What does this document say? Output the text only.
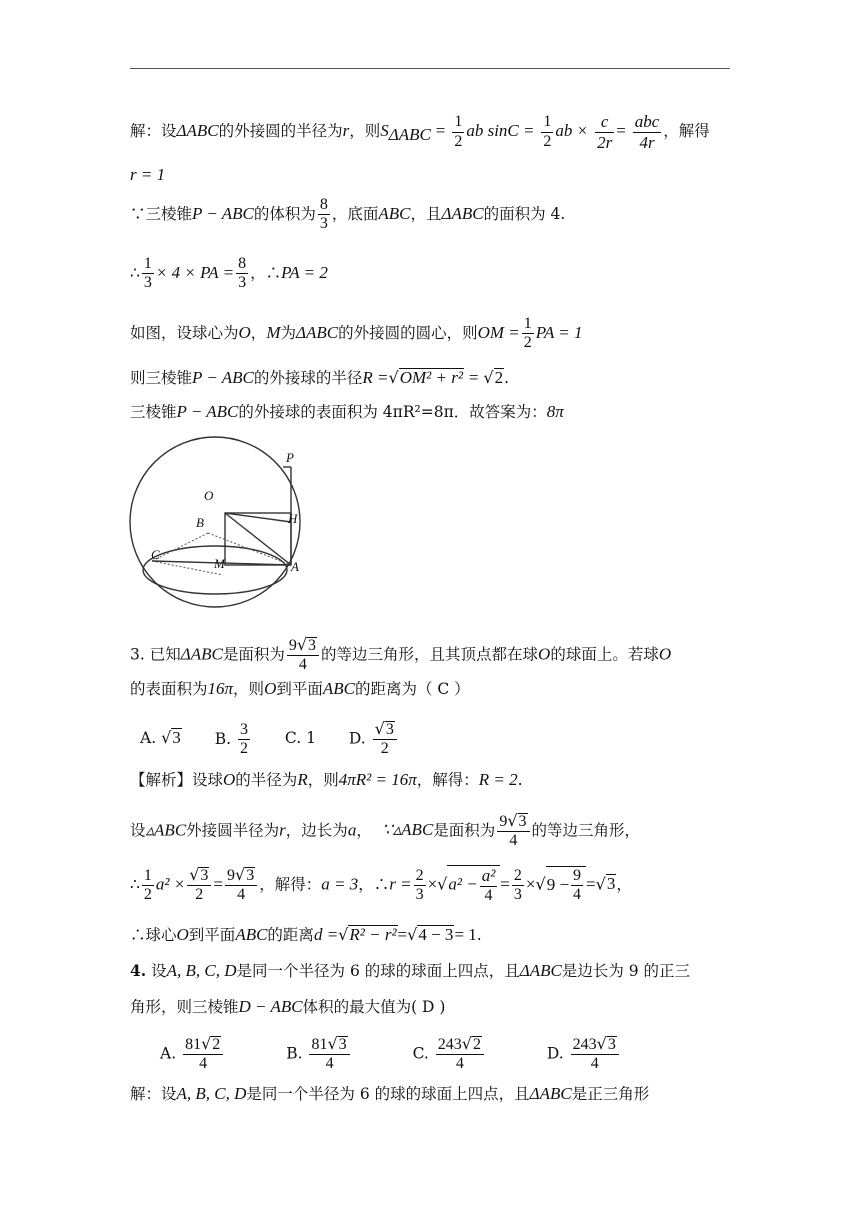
解：设ΔABC的外接圆的半径为r，则$S_{\Delta ABC} = \frac{1}{2}$ ab $\sin C = \frac{1}{2}$ ab × $\frac{c}{2r} = \frac{\text{abc}}{4r}$ ，解得
r = 1
∵三棱锥P − ABC的体积为 $\frac{8}{3}$ ，底面ABC，且ΔABC的面积为 4.
∴ $\frac{1}{3} \times 4$ × PA = $\frac{8}{3}$ ，∴PA = 2
如图，设球心为O，M为ΔABC的外接圆的圆心，则OM = $\frac{1}{2}$ PA = 1
则三棱锥P − ABC的外接球的半径R =√OM² + r² = √2.
三棱锥P − ABC的外接球的表面积为 4πR²=8π．故答案为：8π
P
O
H
B
C
M	A
3. 已知ΔABC是面积为 $\frac{9√3}{4}$ 的等边三角形，且其顶点都在球O的球面上。若球O
的表面积为16π，则O到平面ABC的距离为（ C ）
A. √3 B. $\frac{3}{2} C$. 1 D. $\frac{√3}{2}$
【解析】设球O的半径为R，则4πR² = 16π，解得：R = 2.
设▵ABC外接圆半径为r，边长为a， ∵▵ABC是面积为 $\frac{9√3}{4}$ 的等边三角形，
∴ $\frac{1}{2} a^2 \times \frac{√3}{2} = \frac{9√3}{4}$ ，解得：a = 3，∴r = $\frac{2}{3} \times√a^2 - \frac{\text{a²}}{4} = \frac{2}{3} \times√9 - \frac{9}{4} =√3$，
∴球心O到平面ABC的距离d =√R² − r²=√4 − 3= 1.
4. 设A, B, C, D是同一个半径为 6 的球的球面上四点，且ΔABC是边长为 9 的正三
角形，则三棱锥D − ABC体积的最大值为( D )
A. $\frac{81√2}{4}$	B. $\frac{81√3}{4}$	C. $\frac{243√2}{4}$	D. $\frac{243√3}{4}$
解：设A, B, C, D是同一个半径为 6 的球的球面上四点，且ΔABC是正三角形
